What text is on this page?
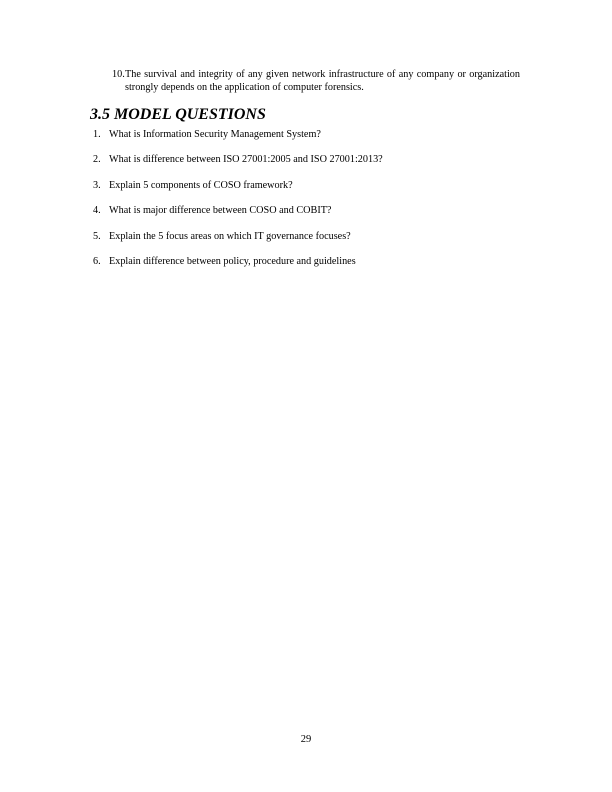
10. The survival and integrity of any given network infrastructure of any company or organization strongly depends on the application of computer forensics.
3.5 MODEL QUESTIONS
1. What is Information Security Management System?
2. What is difference between ISO 27001:2005 and ISO 27001:2013?
3. Explain 5 components of COSO framework?
4. What is major difference between COSO and COBIT?
5. Explain the 5 focus areas on which IT governance focuses?
6. Explain difference between policy, procedure and guidelines
29
